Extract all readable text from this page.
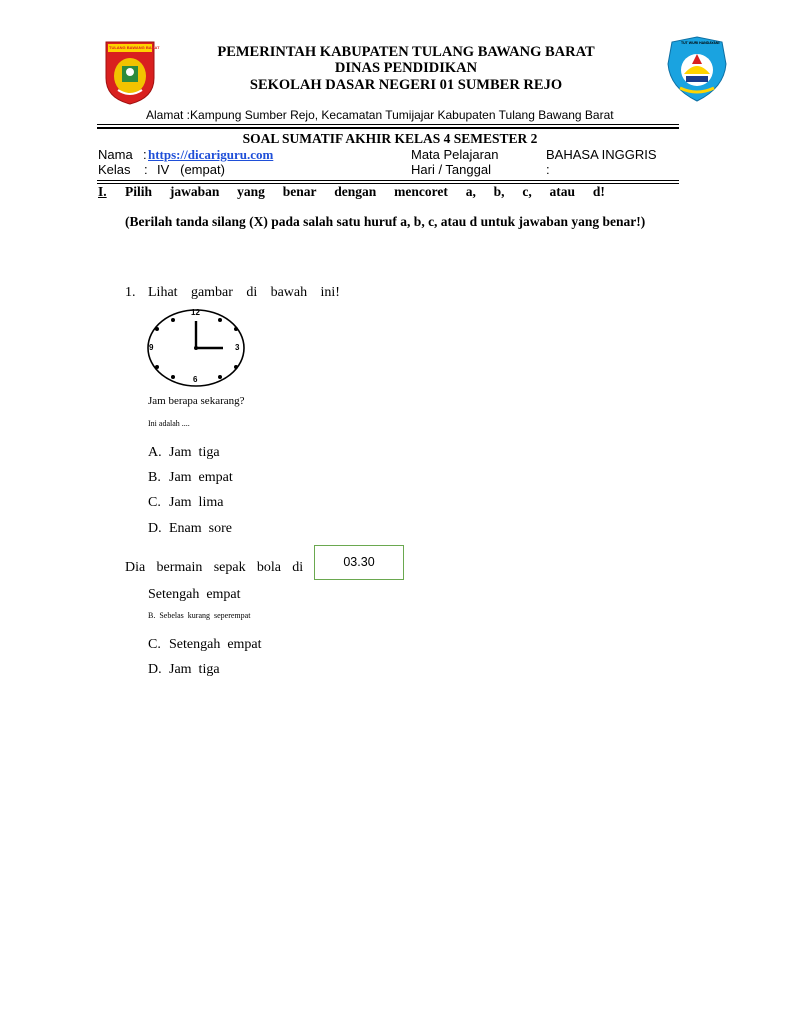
TULANG BAWANG BARAT
TUT WURI HANDAYANI
PEMERINTAH KABUPATEN TULANG BAWANG BARAT
DINAS PENDIDIKAN
SEKOLAH DASAR NEGERI 01 SUMBER REJO
Alamat :Kampung Sumber Rejo, Kecamatan Tumijajar Kabupaten Tulang Bawang Barat
SOAL SUMATIF AKHIR KELAS 4 SEMESTER 2
Nama : https://dicariguru.com
Kelas : IV   (empat)
Mata Pelajaran	BAHASA INGGRIS
Hari / Tanggal	:
I. Pilih jawaban yang benar dengan mencoret a, b, c, atau d!
(Berilah tanda silang (X) pada salah satu huruf a, b, c, atau d untuk jawaban yang benar!)
1. Lihat gambar di bawah ini!
12
3
6
9
Jam berapa sekarang?
Ini adalah ....
A. Jam  tiga
B. Jam  empat
C. Jam  lima
D. Enam  sore
Dia bermain sepak bola di	03.30
Setengah  empat
B.  Sebelas  kurang  seperempat
C. Setengah  empat
D. Jam  tiga
